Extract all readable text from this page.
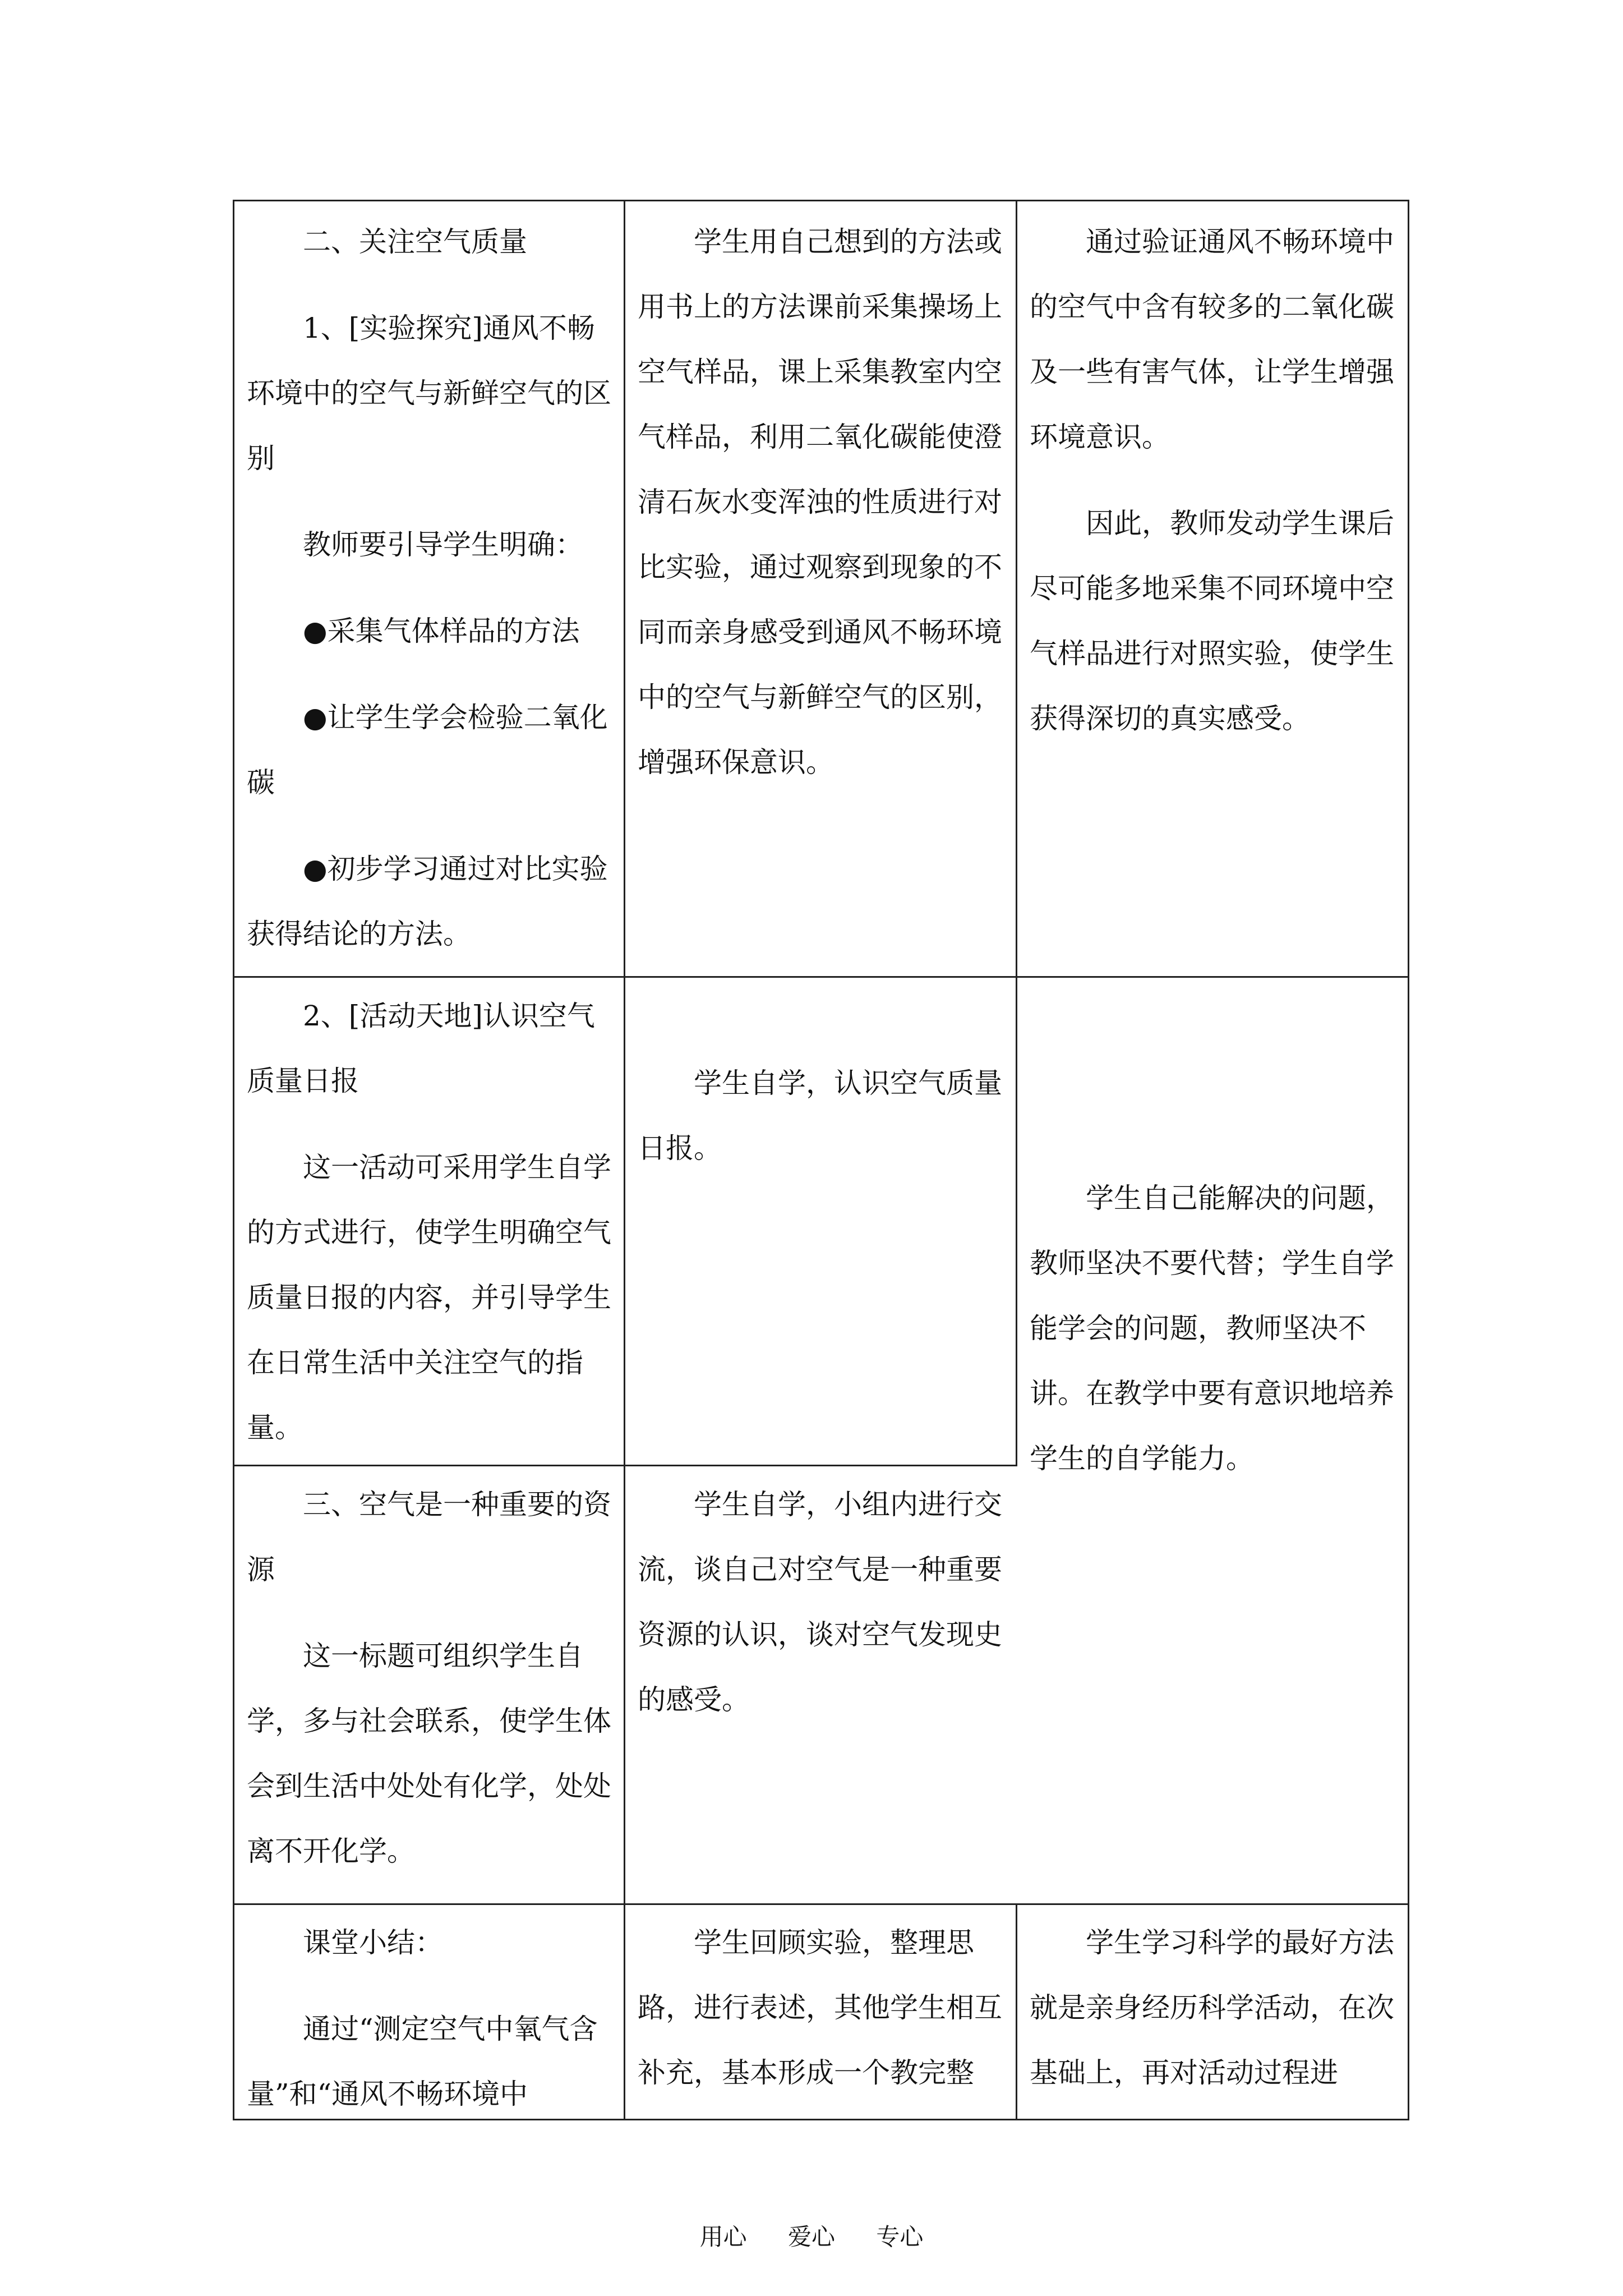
二、关注空气质量

1、[实验探究]通风不畅环境中的空气与新鲜空气的区别

教师要引导学生明确：

●采集气体样品的方法

●让学生学会检验二氧化碳

●初步学习通过对比实验获得结论的方法。

学生用自己想到的方法或用书上的方法课前采集操场上空气样品，课上采集教室内空气样品，利用二氧化碳能使澄清石灰水变浑浊的性质进行对比实验，通过观察到现象的不同而亲身感受到通风不畅环境中的空气与新鲜空气的区别，增强环保意识。

通过验证通风不畅环境中的空气中含有较多的二氧化碳及一些有害气体，让学生增强环境意识。

因此，教师发动学生课后尽可能多地采集不同环境中空气样品进行对照实验，使学生获得深切的真实感受。

2、[活动天地]认识空气质量日报

这一活动可采用学生自学的方式进行，使学生明确空气质量日报的内容，并引导学生在日常生活中关注空气的指量。

学生自学，认识空气质量日报。

学生自己能解决的问题，教师坚决不要代替；学生自学能学会的问题，教师坚决不讲。在教学中要有意识地培养学生的自学能力。

三、空气是一种重要的资源

这一标题可组织学生自学，多与社会联系，使学生体会到生活中处处有化学，处处离不开化学。

学生自学，小组内进行交流，谈自己对空气是一种重要资源的认识，谈对空气发现史的感受。

课堂小结：

通过“测定空气中氧气含量”和“通风不畅环境中

学生回顾实验，整理思路，进行表述，其他学生相互补充，基本形成一个教完整

学生学习科学的最好方法就是亲身经历科学活动，在次基础上，再对活动过程进

用心 爱心 专心
